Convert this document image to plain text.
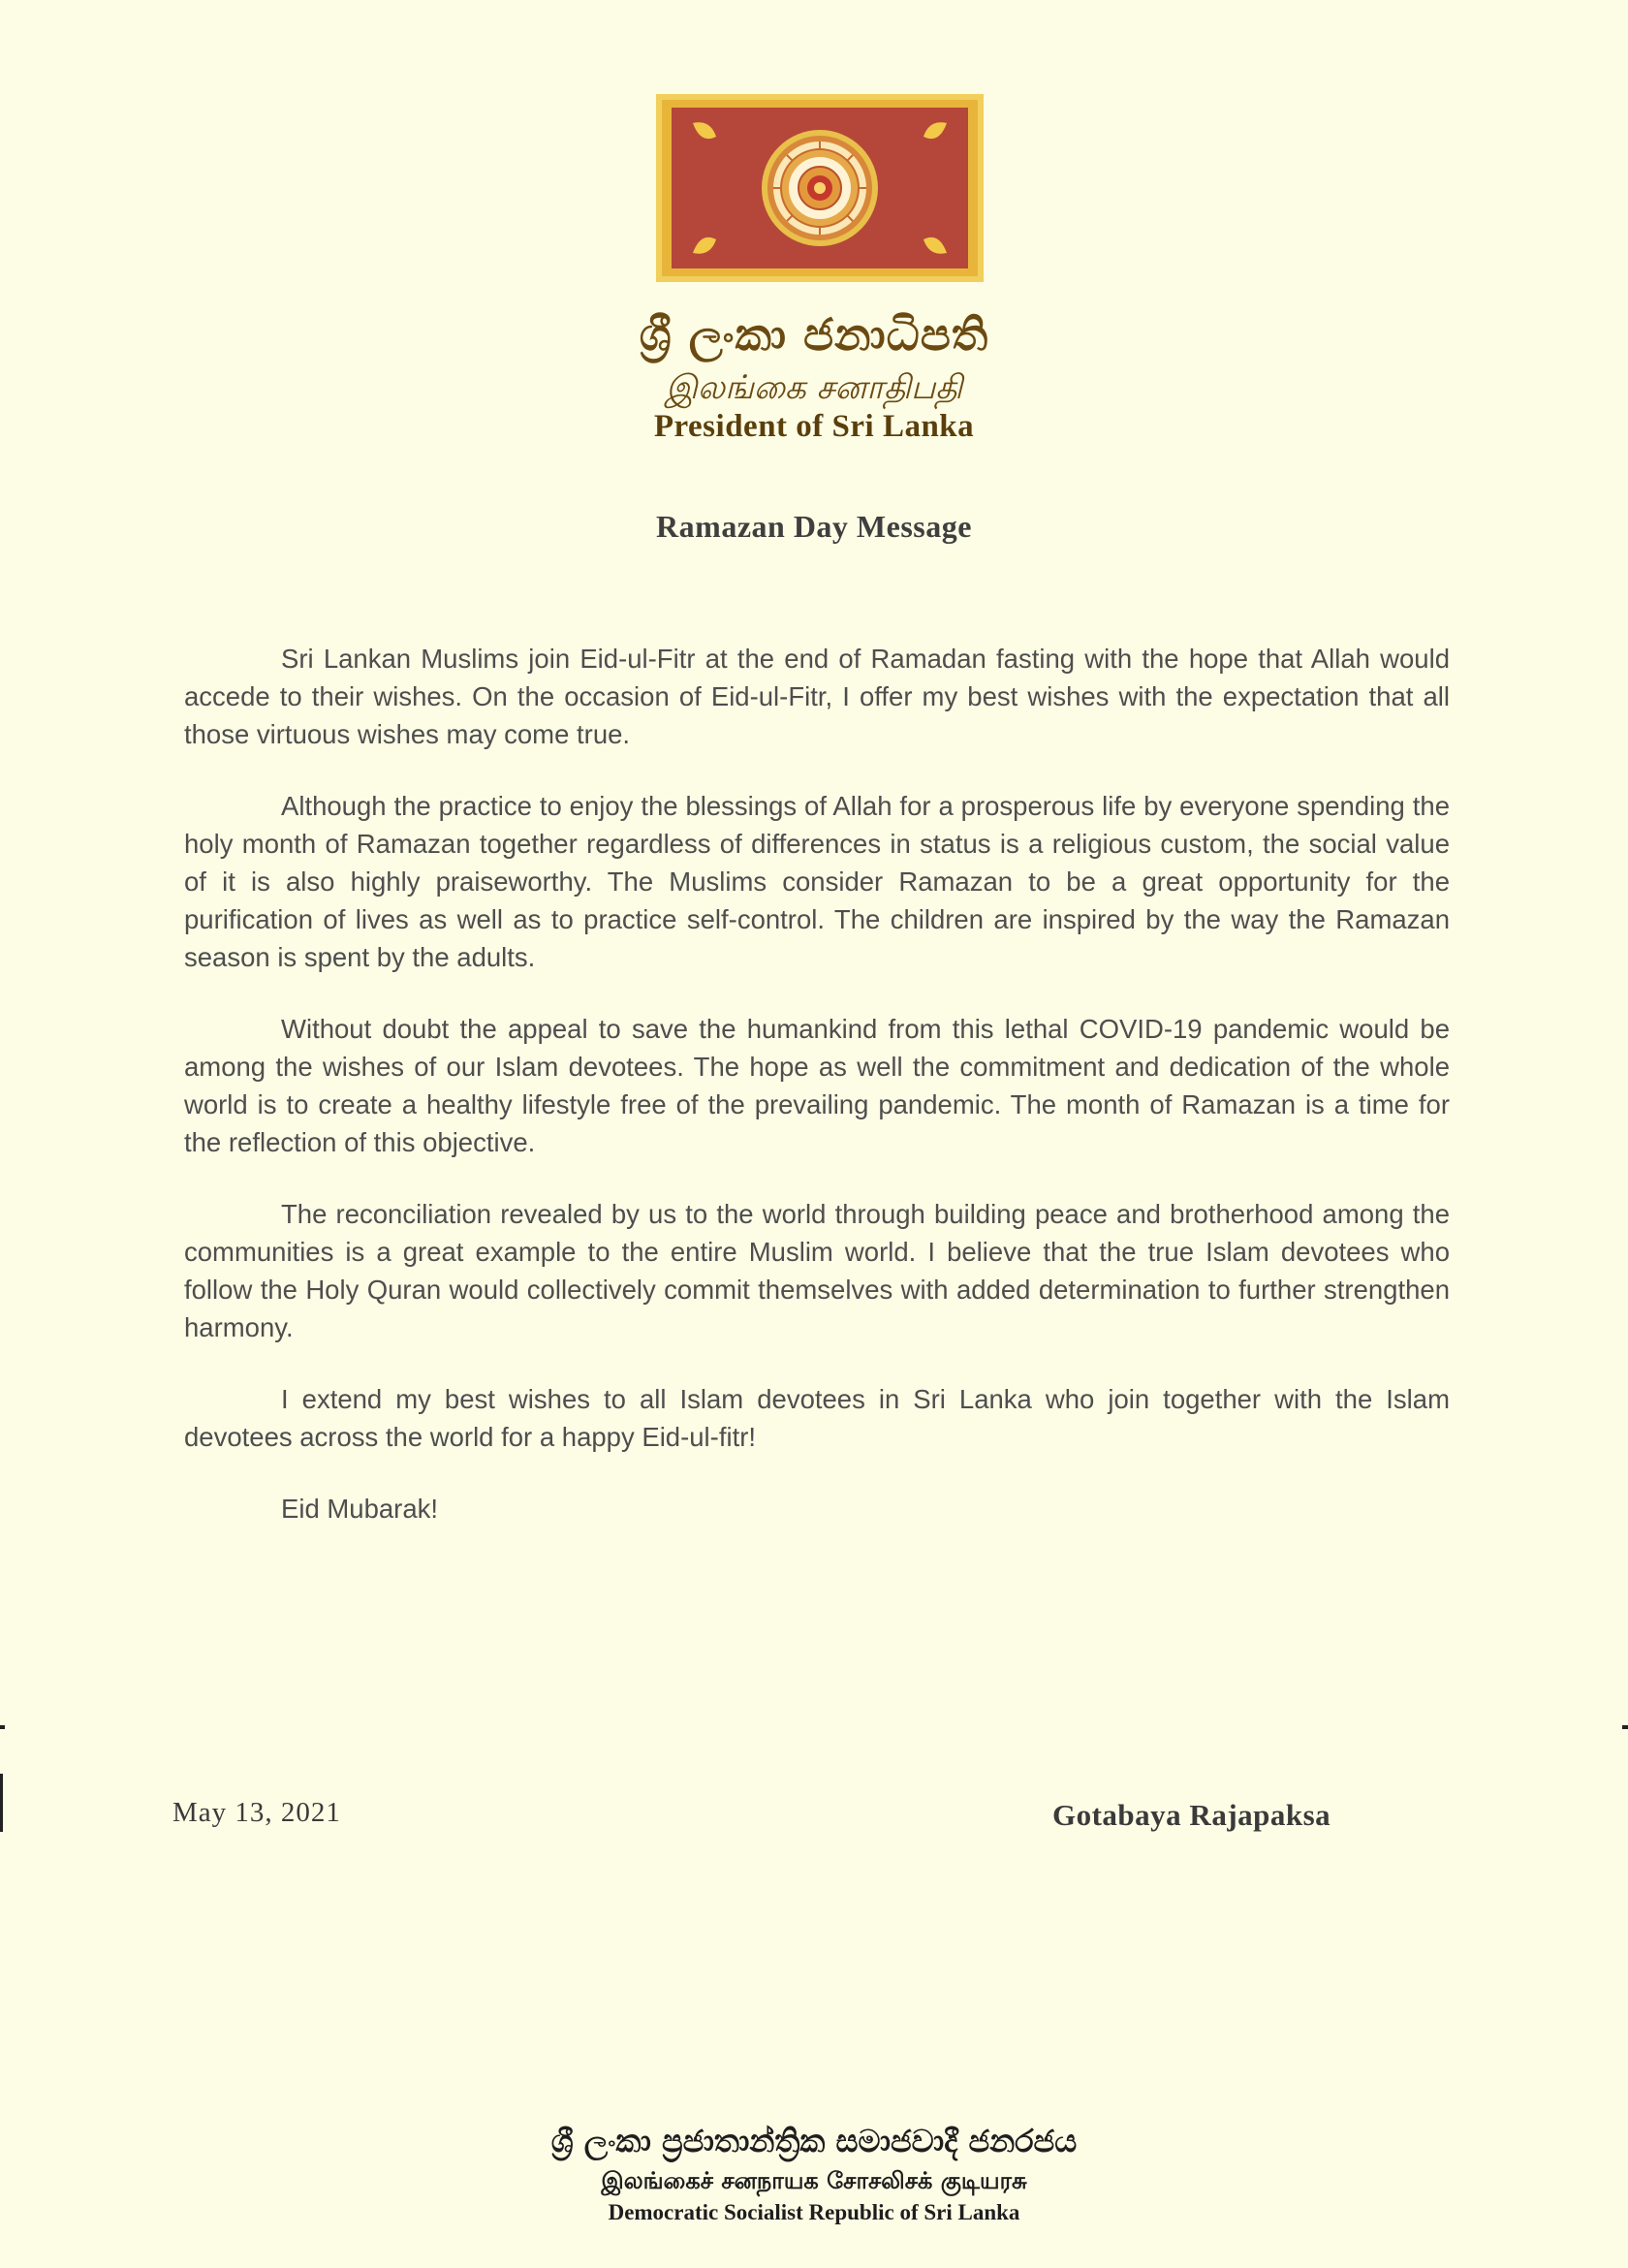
ශ්‍රී ලංකා ජනාධිපති
இலங்கை சனாதிபதி
President of Sri Lanka
Ramazan Day Message

Sri Lankan Muslims join Eid-ul-Fitr at the end of Ramadan fasting with the hope that Allah would accede to their wishes. On the occasion of Eid-ul-Fitr, I offer my best wishes with the expectation that all those virtuous wishes may come true.

Although the practice to enjoy the blessings of Allah for a prosperous life by everyone spending the holy month of Ramazan together regardless of differences in status is a religious custom, the social value of it is also highly praiseworthy. The Muslims consider Ramazan to be a great opportunity for the purification of lives as well as to practice self-control. The children are inspired by the way the Ramazan season is spent by the adults.

Without doubt the appeal to save the humankind from this lethal COVID-19 pandemic would be among the wishes of our Islam devotees. The hope as well the commitment and dedication of the whole world is to create a healthy lifestyle free of the prevailing pandemic. The month of Ramazan is a time for the reflection of this objective.

The reconciliation revealed by us to the world through building peace and brotherhood among the communities is a great example to the entire Muslim world. I believe that the true Islam devotees who follow the Holy Quran would collectively commit themselves with added determination to further strengthen harmony.

I extend my best wishes to all Islam devotees in Sri Lanka who join together with the Islam devotees across the world for a happy Eid-ul-fitr!

Eid Mubarak!

May 13, 2021	Gotabaya Rajapaksa
ශ්‍රී ලංකා ප්‍රජාතාන්ත්‍රික සමාජවාදී ජනරජය
இலங்கைச் சனநாயக சோசலிசக் குடியரசு
Democratic Socialist Republic of Sri Lanka
